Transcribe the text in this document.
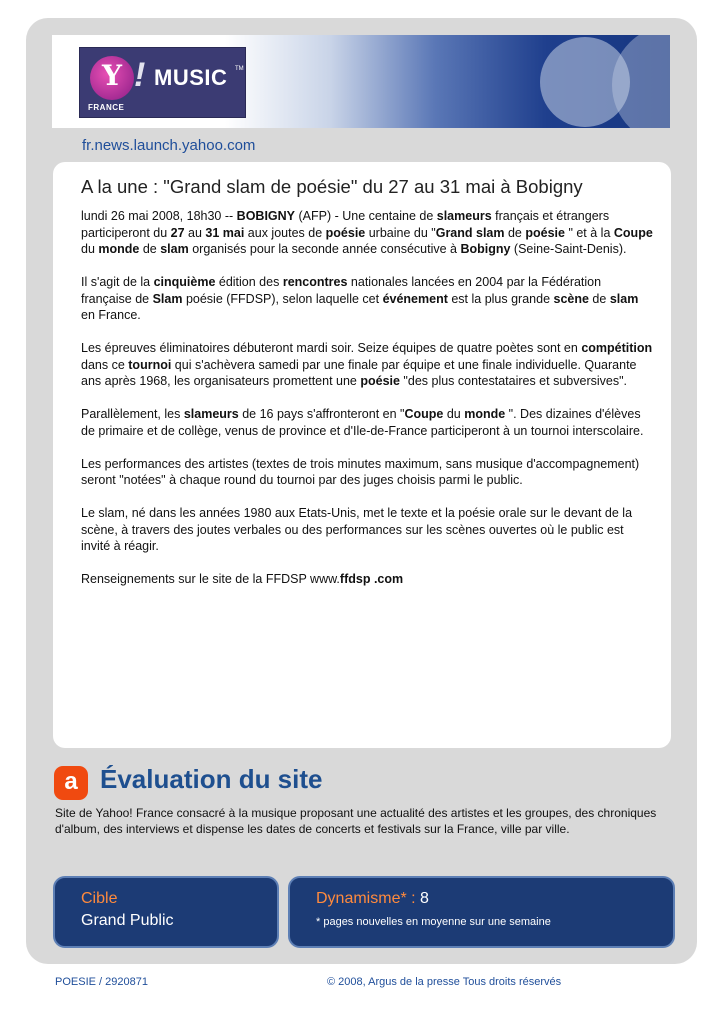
Y ! MUSIC TM
FRANCE
fr.news.launch.yahoo.com
A la une : "Grand slam de poésie" du 27 au 31 mai à Bobigny

lundi 26 mai 2008, 18h30 -- BOBIGNY (AFP) - Une centaine de slameurs français et étrangers participeront du 27 au 31 mai aux joutes de poésie urbaine du "Grand slam de poésie " et à la Coupe du monde de slam organisés pour la seconde année consécutive à Bobigny (Seine-Saint-Denis).

Il s'agit de la cinquième édition des rencontres nationales lancées en 2004 par la Fédération française de Slam poésie (FFDSP), selon laquelle cet événement est la plus grande scène de slam en France.

Les épreuves éliminatoires débuteront mardi soir. Seize équipes de quatre poètes sont en compétition dans ce tournoi qui s'achèvera samedi par une finale par équipe et une finale individuelle. Quarante ans après 1968, les organisateurs promettent une poésie "des plus contestataires et subversives".

Parallèlement, les slameurs de 16 pays s'affronteront en "Coupe du monde ". Des dizaines d'élèves de primaire et de collège, venus de province et d'Ile-de-France participeront à un tournoi interscolaire.

Les performances des artistes (textes de trois minutes maximum, sans musique d'accompagnement) seront "notées" à chaque round du tournoi par des juges choisis parmi le public.

Le slam, né dans les années 1980 aux Etats-Unis, met le texte et la poésie orale sur le devant de la scène, à travers des joutes verbales ou des performances sur les scènes ouvertes où le public est invité à réagir.

Renseignements sur le site de la FFDSP www.ffdsp .com

a Évaluation du site
Site de Yahoo! France consacré à la musique proposant une actualité des artistes et les groupes, des chroniques d'album, des interviews et dispense les dates de concerts et festivals sur la France, ville par ville.
Cible
Grand Public
Dynamisme* : 8
* pages nouvelles en moyenne sur une semaine
POESIE / 2920871	© 2008, Argus de la presse Tous droits réservés
